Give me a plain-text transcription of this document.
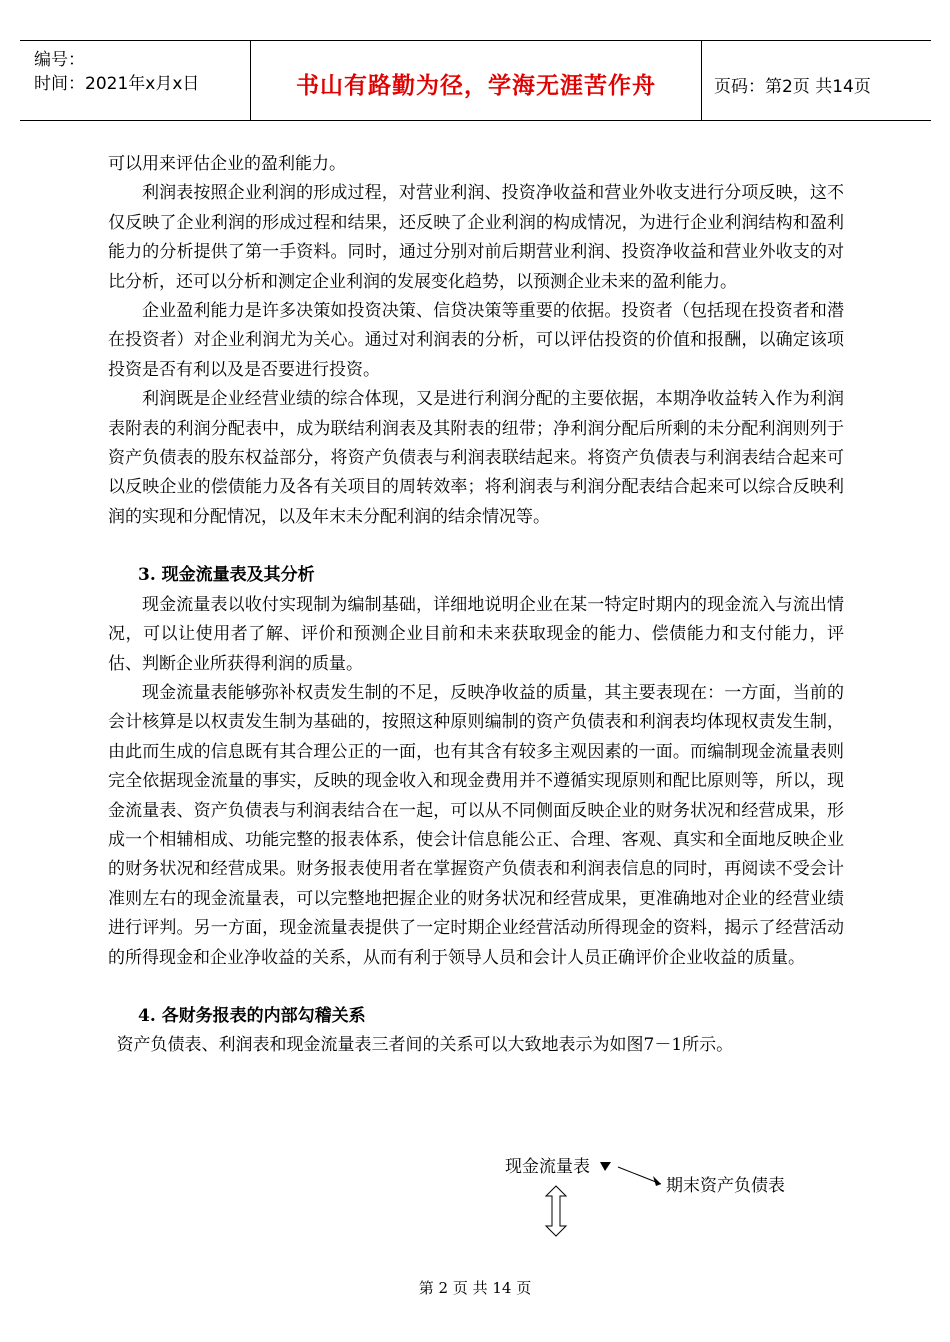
编号：
时间：2021年x月x日	书山有路勤为径，学海无涯苦作舟	页码：第2页 共14页

可以用来评估企业的盈利能力。

利润表按照企业利润的形成过程，对营业利润、投资净收益和营业外收支进行分项反映，这不仅反映了企业利润的形成过程和结果，还反映了企业利润的构成情况，为进行企业利润结构和盈利能力的分析提供了第一手资料。同时，通过分别对前后期营业利润、投资净收益和营业外收支的对比分析，还可以分析和测定企业利润的发展变化趋势，以预测企业未来的盈利能力。

企业盈利能力是许多决策如投资决策、信贷决策等重要的依据。投资者（包括现在投资者和潜在投资者）对企业利润尤为关心。通过对利润表的分析，可以评估投资的价值和报酬，以确定该项投资是否有利以及是否要进行投资。

利润既是企业经营业绩的综合体现，又是进行利润分配的主要依据，本期净收益转入作为利润表附表的利润分配表中，成为联结利润表及其附表的纽带；净利润分配后所剩的未分配利润则列于资产负债表的股东权益部分，将资产负债表与利润表联结起来。将资产负债表与利润表结合起来可以反映企业的偿债能力及各有关项目的周转效率；将利润表与利润分配表结合起来可以综合反映利润的实现和分配情况，以及年末未分配利润的结余情况等。

3. 现金流量表及其分析

现金流量表以收付实现制为编制基础，详细地说明企业在某一特定时期内的现金流入与流出情况，可以让使用者了解、评价和预测企业目前和未来获取现金的能力、偿债能力和支付能力，评估、判断企业所获得利润的质量。

现金流量表能够弥补权责发生制的不足，反映净收益的质量，其主要表现在：一方面，当前的会计核算是以权责发生制为基础的，按照这种原则编制的资产负债表和利润表均体现权责发生制，由此而生成的信息既有其合理公正的一面，也有其含有较多主观因素的一面。而编制现金流量表则完全依据现金流量的事实，反映的现金收入和现金费用并不遵循实现原则和配比原则等，所以，现金流量表、资产负债表与利润表结合在一起，可以从不同侧面反映企业的财务状况和经营成果，形成一个相辅相成、功能完整的报表体系，使会计信息能公正、合理、客观、真实和全面地反映企业的财务状况和经营成果。财务报表使用者在掌握资产负债表和利润表信息的同时，再阅读不受会计准则左右的现金流量表，可以完整地把握企业的财务状况和经营成果，更准确地对企业的经营业绩进行评判。另一方面，现金流量表提供了一定时期企业经营活动所得现金的资料，揭示了经营活动的所得现金和企业净收益的关系，从而有利于领导人员和会计人员正确评价企业收益的质量。

4. 各财务报表的内部勾稽关系

资产负债表、利润表和现金流量表三者间的关系可以大致地表示为如图7－1所示。

现金流量表
期末资产负债表
第 2 页 共 14 页
